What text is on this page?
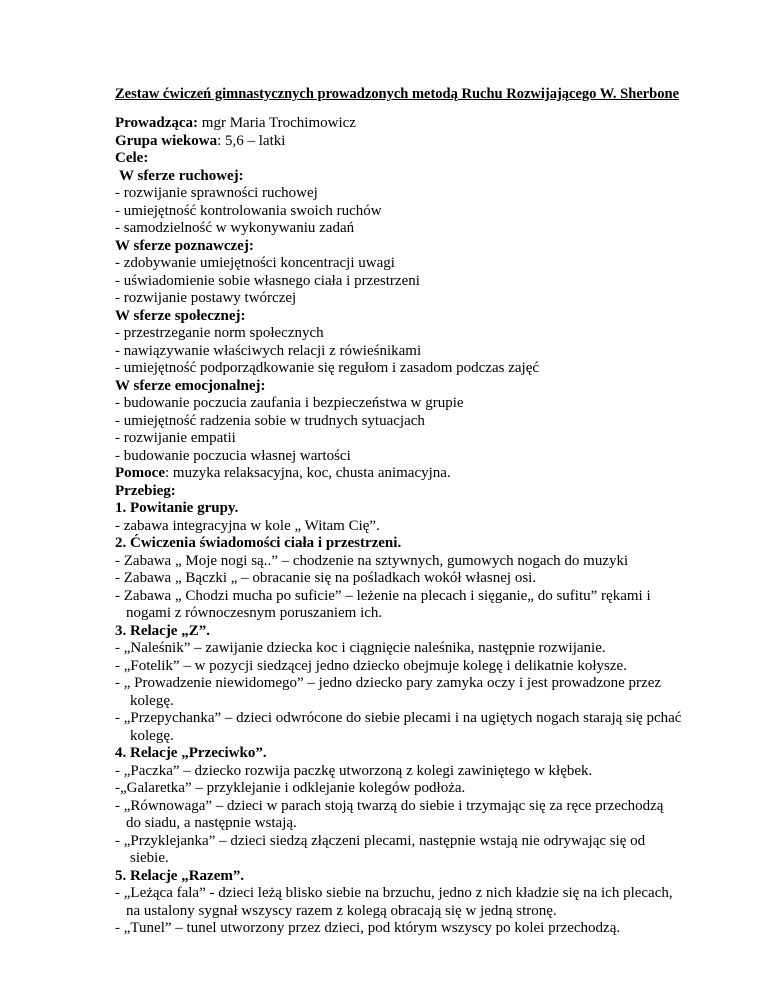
Zestaw ćwiczeń gimnastycznych prowadzonych metodą Ruchu Rozwijającego W. Sherbone
Prowadząca: mgr Maria Trochimowicz
Grupa wiekowa: 5,6 – latki
Cele:
W sferze ruchowej:
- rozwijanie sprawności ruchowej
- umiejętność kontrolowania swoich ruchów
- samodzielność w wykonywaniu zadań
W sferze poznawczej:
- zdobywanie umiejętności koncentracji uwagi
- uświadomienie sobie własnego ciała i przestrzeni
- rozwijanie postawy twórczej
W sferze społecznej:
- przestrzeganie norm społecznych
- nawiązywanie właściwych relacji z rówieśnikami
- umiejętność podporządkowanie się regułom i zasadom podczas zajęć
W sferze emocjonalnej:
- budowanie poczucia zaufania i bezpieczeństwa w grupie
- umiejętność radzenia sobie w trudnych sytuacjach
- rozwijanie empatii
- budowanie poczucia własnej wartości
Pomoce: muzyka relaksacyjna, koc, chusta animacyjna.
Przebieg:
1. Powitanie grupy.
- zabawa integracyjna w kole „ Witam Cię”.
2. Ćwiczenia świadomości ciała i przestrzeni.
- Zabawa „ Moje nogi są..” – chodzenie na sztywnych, gumowych nogach do muzyki
- Zabawa „ Bączki „ – obracanie się na pośladkach wokół własnej osi.
- Zabawa „ Chodzi mucha po suficie” – leżenie na plecach i sięganie„ do sufitu” rękami i
nogami z równoczesnym poruszaniem ich.
3. Relacje „Z”.
- „Naleśnik” – zawijanie dziecka koc i ciągnięcie naleśnika, następnie rozwijanie.
- „Fotelik” – w pozycji siedzącej jedno dziecko obejmuje kolegę i delikatnie kołysze.
- „ Prowadzenie niewidomego” – jedno dziecko pary zamyka oczy i jest prowadzone przez
kolegę.
- „Przepychanka” – dzieci odwrócone do siebie plecami i na ugiętych nogach starają się pchać
kolegę.
4. Relacje „Przeciwko”.
- „Paczka” – dziecko rozwija paczkę utworzoną z kolegi zawiniętego w kłębek.
-„Galaretka” – przyklejanie i odklejanie kolegów podłoża.
- „Równowaga” – dzieci w parach stoją twarzą do siebie i trzymając się za ręce przechodzą
do siadu, a następnie wstają.
- „Przyklejanka” – dzieci siedzą złączeni plecami, następnie wstają nie odrywając się od
siebie.
5. Relacje „Razem”.
- „Leżąca fala” - dzieci leżą blisko siebie na brzuchu, jedno z nich kładzie się na ich plecach,
na ustalony sygnał wszyscy razem z kolegą obracają się w jedną stronę.
- „Tunel” – tunel utworzony przez dzieci, pod którym wszyscy po kolei przechodzą.
